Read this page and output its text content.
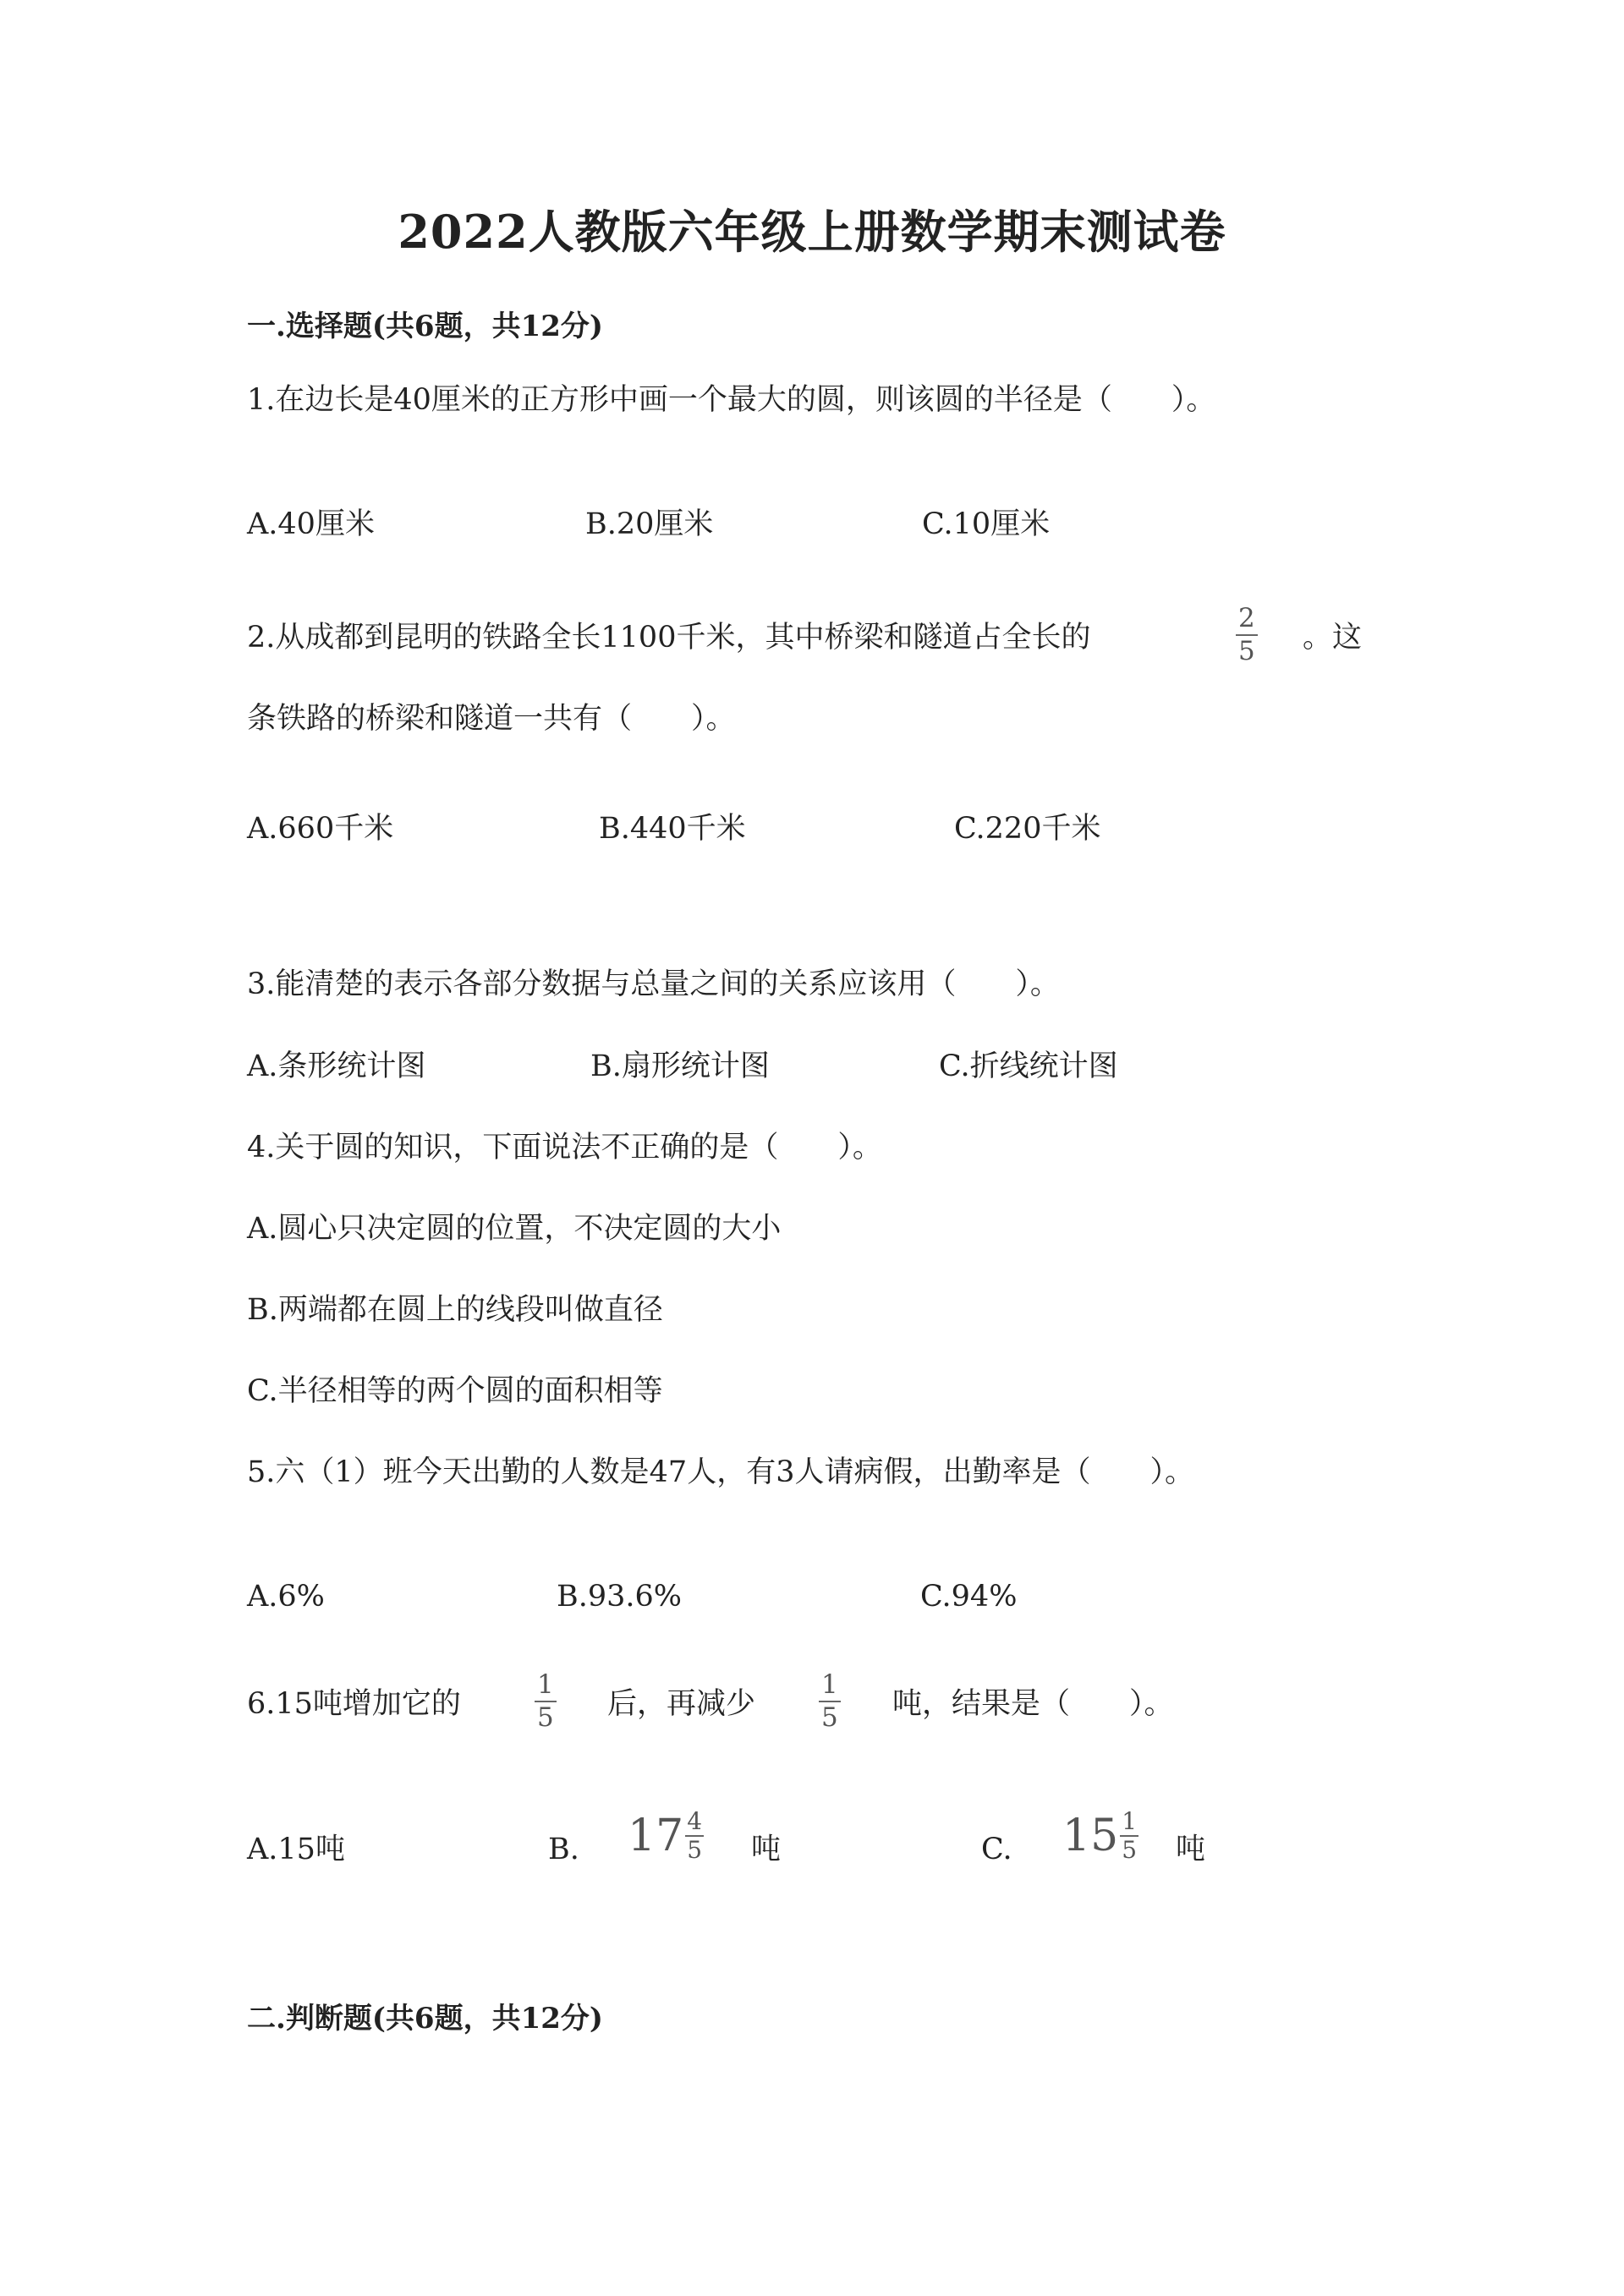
2022人教版六年级上册数学期末测试卷
一.选择题(共6题，共12分)
1.在边长是40厘米的正方形中画一个最大的圆，则该圆的半径是（　　）。
A.40厘米	B.20厘米	C.10厘米
2.从成都到昆明的铁路全长1100千米，其中桥梁和隧道占全长的
2
5 。这
条铁路的桥梁和隧道一共有（　　）。
A.660千米	B.440千米	C.220千米
3.能清楚的表示各部分数据与总量之间的关系应该用（　　）。
A.条形统计图	B.扇形统计图	C.折线统计图
4.关于圆的知识，下面说法不正确的是（　　）。
A.圆心只决定圆的位置，不决定圆的大小
B.两端都在圆上的线段叫做直径
C.半径相等的两个圆的面积相等
5.六（1）班今天出勤的人数是47人，有3人请病假，出勤率是（　　）。
A.6%	B.93.6%	C.94%
6.15吨增加它的
1
5 后，再减少
1
5 吨，结果是（　　）。
A.15吨	B. $17 \frac{4}{5}$ 吨	C. $15 \frac{1}{5}$ 吨
二.判断题(共6题，共12分)
